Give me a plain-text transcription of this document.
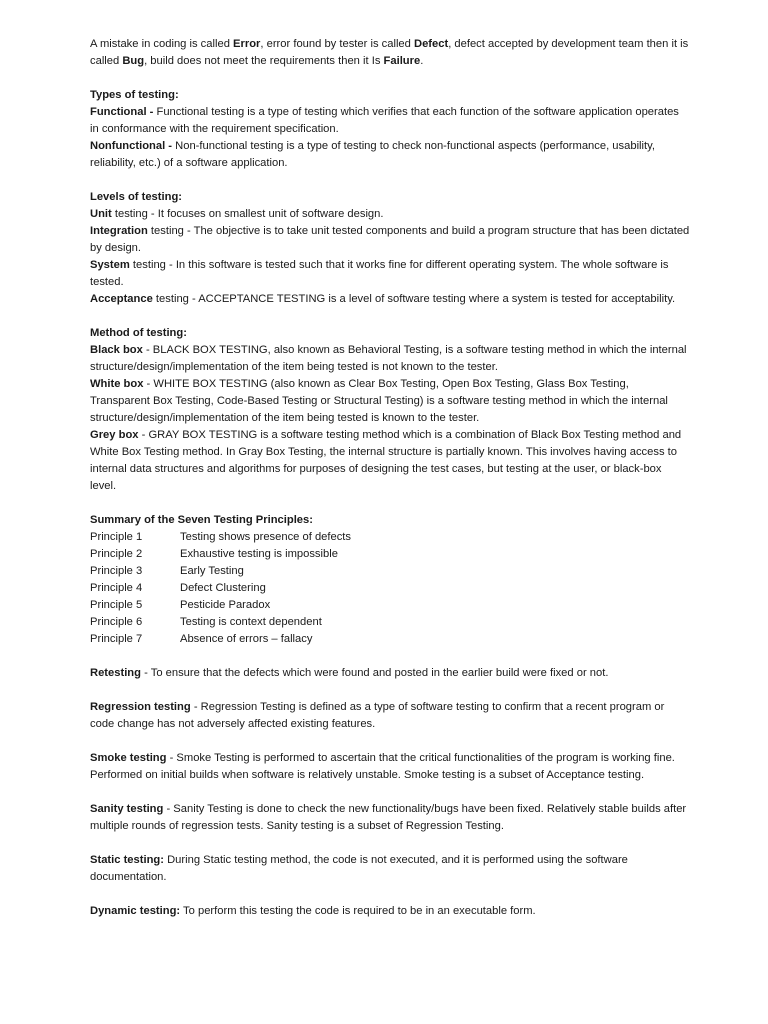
A mistake in coding is called Error, error found by tester is called Defect, defect accepted by development team then it is called Bug, build does not meet the requirements then it Is Failure.

Types of testing:

Functional - Functional testing is a type of testing which verifies that each function of the software application operates in conformance with the requirement specification.

Nonfunctional - Non-functional testing is a type of testing to check non-functional aspects (performance, usability, reliability, etc.) of a software application.

Levels of testing:

Unit testing - It focuses on smallest unit of software design.

Integration testing - The objective is to take unit tested components and build a program structure that has been dictated by design.

System testing - In this software is tested such that it works fine for different operating system. The whole software is tested.

Acceptance testing - ACCEPTANCE TESTING is a level of software testing where a system is tested for acceptability.

Method of testing:

Black box - BLACK BOX TESTING, also known as Behavioral Testing, is a software testing method in which the internal structure/design/implementation of the item being tested is not known to the tester.

White box - WHITE BOX TESTING (also known as Clear Box Testing, Open Box Testing, Glass Box Testing, Transparent Box Testing, Code-Based Testing or Structural Testing) is a software testing method in which the internal structure/design/implementation of the item being tested is known to the tester.

Grey box - GRAY BOX TESTING is a software testing method which is a combination of Black Box Testing method and White Box Testing method. In Gray Box Testing, the internal structure is partially known. This involves having access to internal data structures and algorithms for purposes of designing the test cases, but testing at the user, or black-box level.

Summary of the Seven Testing Principles:

Principle 1	Testing shows presence of defects
Principle 2	Exhaustive testing is impossible
Principle 3	Early Testing
Principle 4	Defect Clustering
Principle 5	Pesticide Paradox
Principle 6	Testing is context dependent
Principle 7	Absence of errors – fallacy

Retesting - To ensure that the defects which were found and posted in the earlier build were fixed or not.

Regression testing - Regression Testing is defined as a type of software testing to confirm that a recent program or code change has not adversely affected existing features.

Smoke testing - Smoke Testing is performed to ascertain that the critical functionalities of the program is working fine. Performed on initial builds when software is relatively unstable. Smoke testing is a subset of Acceptance testing.

Sanity testing - Sanity Testing is done to check the new functionality/bugs have been fixed. Relatively stable builds after multiple rounds of regression tests. Sanity testing is a subset of Regression Testing.

Static testing: During Static testing method, the code is not executed, and it is performed using the software documentation.

Dynamic testing: To perform this testing the code is required to be in an executable form.
